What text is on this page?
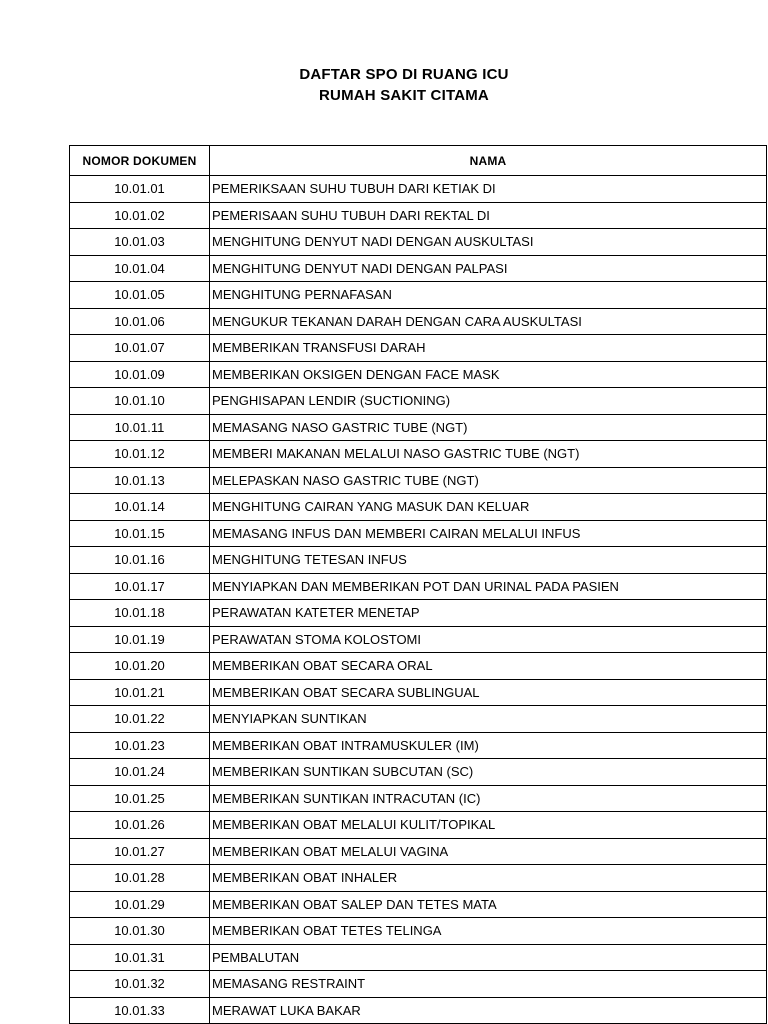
DAFTAR SPO DI RUANG ICU
RUMAH SAKIT CITAMA
NOMOR DOKUMEN	NAMA
10.01.01	PEMERIKSAAN SUHU TUBUH DARI KETIAK DI
10.01.02	PEMERISAAN SUHU TUBUH DARI REKTAL DI
10.01.03	MENGHITUNG DENYUT NADI DENGAN AUSKULTASI
10.01.04	MENGHITUNG DENYUT NADI DENGAN PALPASI
10.01.05	MENGHITUNG PERNAFASAN
10.01.06	MENGUKUR TEKANAN DARAH DENGAN CARA AUSKULTASI
10.01.07	MEMBERIKAN TRANSFUSI DARAH
10.01.09	MEMBERIKAN OKSIGEN DENGAN FACE MASK
10.01.10	PENGHISAPAN LENDIR (SUCTIONING)
10.01.11	MEMASANG NASO GASTRIC TUBE (NGT)
10.01.12	MEMBERI MAKANAN MELALUI NASO GASTRIC TUBE (NGT)
10.01.13	MELEPASKAN NASO GASTRIC TUBE (NGT)
10.01.14	MENGHITUNG CAIRAN YANG MASUK DAN KELUAR
10.01.15	MEMASANG INFUS DAN MEMBERI CAIRAN MELALUI INFUS
10.01.16	MENGHITUNG TETESAN INFUS
10.01.17	MENYIAPKAN DAN MEMBERIKAN POT DAN URINAL PADA PASIEN
10.01.18	PERAWATAN KATETER MENETAP
10.01.19	PERAWATAN STOMA KOLOSTOMI
10.01.20	MEMBERIKAN OBAT SECARA ORAL
10.01.21	MEMBERIKAN OBAT SECARA SUBLINGUAL
10.01.22	MENYIAPKAN SUNTIKAN
10.01.23	MEMBERIKAN OBAT INTRAMUSKULER (IM)
10.01.24	MEMBERIKAN SUNTIKAN SUBCUTAN (SC)
10.01.25	MEMBERIKAN SUNTIKAN INTRACUTAN (IC)
10.01.26	MEMBERIKAN OBAT MELALUI KULIT/TOPIKAL
10.01.27	MEMBERIKAN OBAT MELALUI VAGINA
10.01.28	MEMBERIKAN OBAT INHALER
10.01.29	MEMBERIKAN OBAT SALEP DAN TETES MATA
10.01.30	MEMBERIKAN OBAT TETES TELINGA
10.01.31	PEMBALUTAN
10.01.32	MEMASANG RESTRAINT
10.01.33	MERAWAT LUKA BAKAR
